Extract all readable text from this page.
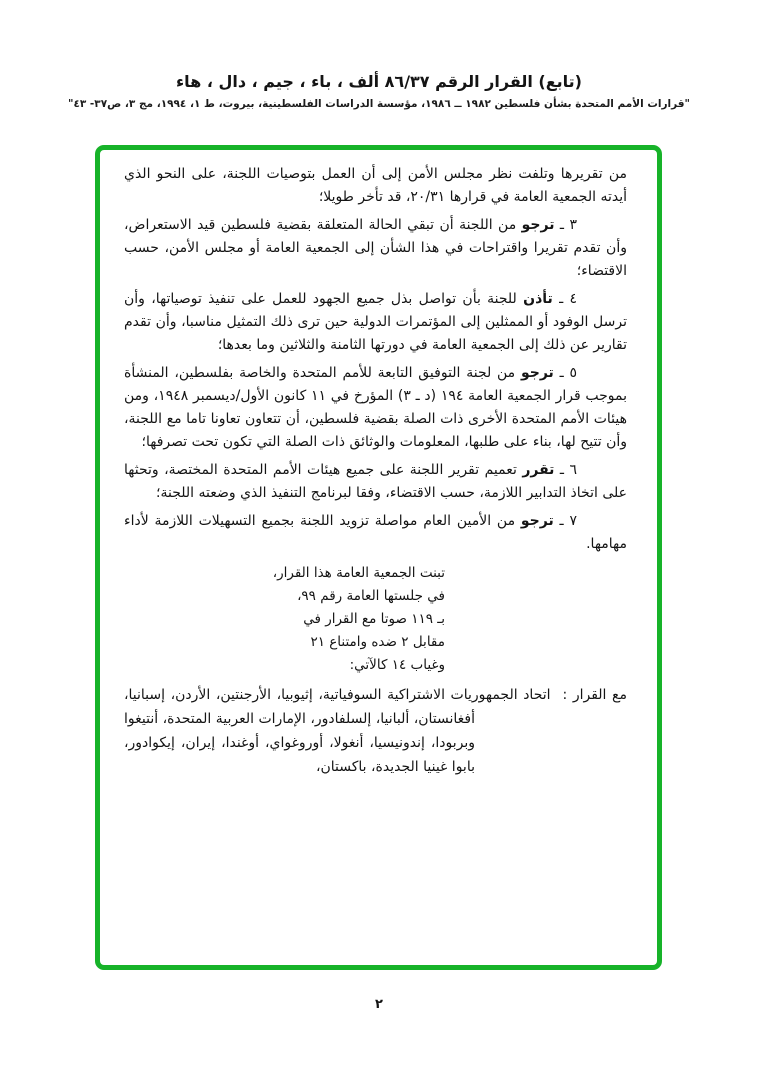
(تابع) القرار الرقم ٨٦/٣٧ ألف ، باء ، جيم ، دال ، هاء

"قرارات الأمم المتحدة بشأن فلسطين ١٩٨٢ ــ ١٩٨٦، مؤسسة الدراسات الفلسطينية، بيروت، ط ١، ١٩٩٤، مج ٣، ص٣٧- ٤٣"

من تقريرها وتلفت نظر مجلس الأمن إلى أن العمل بتوصيات اللجنة، على النحو الذي أيدته الجمعية العامة في قرارها ٢٠/٣١، قد تأخر طويلا؛

٣ ـ ترجو من اللجنة أن تبقي الحالة المتعلقة بقضية فلسطين قيد الاستعراض، وأن تقدم تقريرا واقتراحات في هذا الشأن إلى الجمعية العامة أو مجلس الأمن، حسب الاقتضاء؛

٤ ـ تأذن للجنة بأن تواصل بذل جميع الجهود للعمل على تنفيذ توصياتها، وأن ترسل الوفود أو الممثلين إلى المؤتمرات الدولية حين ترى ذلك التمثيل مناسبا، وأن تقدم تقارير عن ذلك إلى الجمعية العامة في دورتها الثامنة والثلاثين وما بعدها؛

٥ ـ ترجو من لجنة التوفيق التابعة للأمم المتحدة والخاصة بفلسطين، المنشأة بموجب قرار الجمعية العامة ١٩٤ (د ـ ٣) المؤرخ في ١١ كانون الأول/ديسمبر ١٩٤٨، ومن هيئات الأمم المتحدة الأخرى ذات الصلة بقضية فلسطين، أن تتعاون تعاونا تاما مع اللجنة، وأن تتيح لها، بناء على طلبها، المعلومات والوثائق ذات الصلة التي تكون تحت تصرفها؛

٦ ـ تقرر تعميم تقرير اللجنة على جميع هيئات الأمم المتحدة المختصة، وتحثها على اتخاذ التدابير اللازمة، حسب الاقتضاء، وفقا لبرنامج التنفيذ الذي وضعته اللجنة؛

٧ ـ ترجو من الأمين العام مواصلة تزويد اللجنة بجميع التسهيلات اللازمة لأداء مهامها.

تبنت الجمعية العامة هذا القرار،
في جلستها العامة رقم ٩٩،
بـ ١١٩ صوتا مع القرار في
مقابل ٢ ضده وامتناع ٢١
وغياب ١٤ كالآتي:

مع القرار :اتحاد الجمهوريات الاشتراكية السوفياتية، إثيوبيا، الأرجنتين، الأردن، إسبانيا، أفغانستان، ألبانيا، إلسلفادور، الإمارات العربية المتحدة، أنتيغوا وبربودا، إندونيسيا، أنغولا، أوروغواي، أوغندا، إيران، إيكوادور، بابوا غينيا الجديدة، باكستان،

٢
